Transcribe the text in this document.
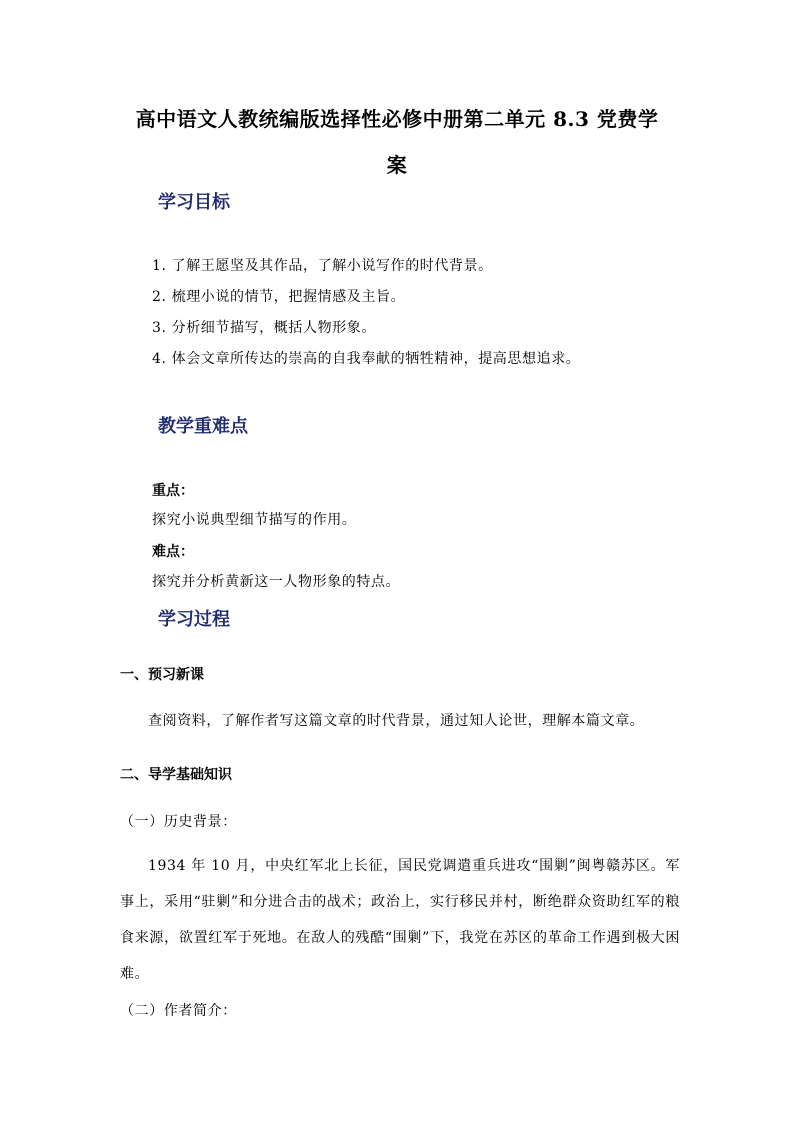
高中语文人教统编版选择性必修中册第二单元 8.3 党费学
案
学习目标
1. 了解王愿坚及其作品，了解小说写作的时代背景。
2. 梳理小说的情节，把握情感及主旨。
3. 分析细节描写，概括人物形象。
4. 体会文章所传达的崇高的自我奉献的牺牲精神，提高思想追求。
教学重难点
重点：
探究小说典型细节描写的作用。
难点：
探究并分析黄新这一人物形象的特点。
学习过程
一、预习新课
查阅资料，了解作者写这篇文章的时代背景，通过知人论世，理解本篇文章。
二、导学基础知识
（一）历史背景：
1934 年 10 月，中央红军北上长征，国民党调遣重兵进攻“围剿”闽粤赣苏区。军事上，采用“驻剿”和分进合击的战术；政治上，实行移民并村，断绝群众资助红军的粮食来源，欲置红军于死地。在敌人的残酷“围剿”下，我党在苏区的革命工作遇到极大困难。
（二）作者简介：
